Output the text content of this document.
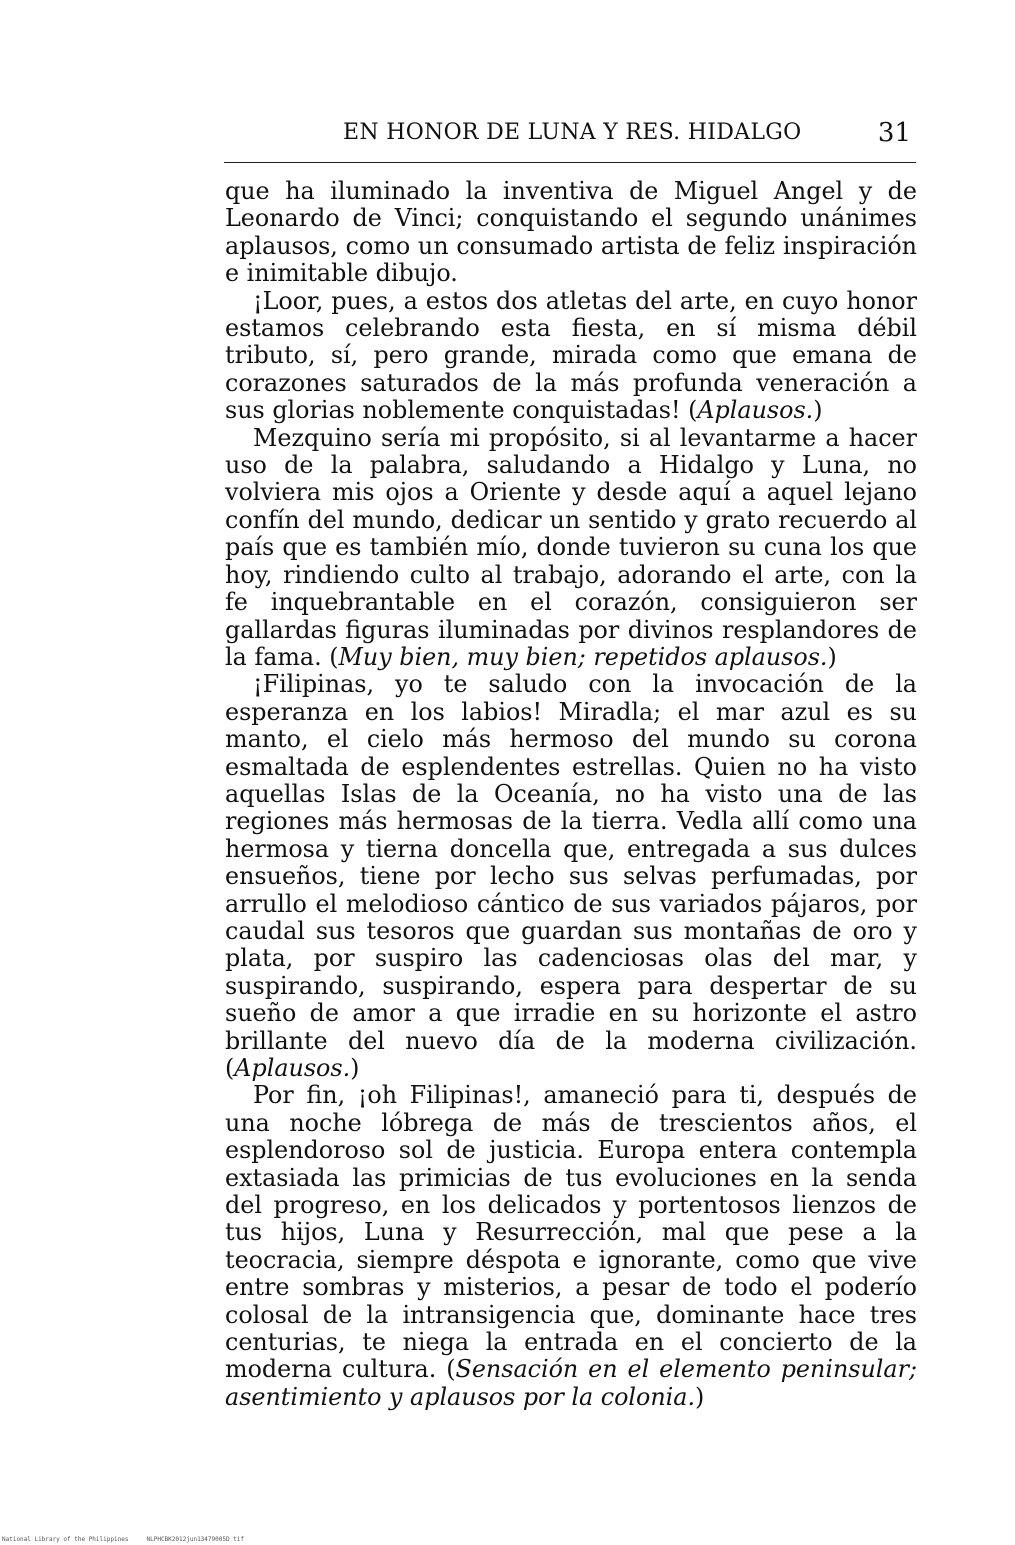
EN HONOR DE LUNA Y RES. HIDALGO	31

que ha iluminado la inventiva de Miguel Angel y de Leonardo de Vinci; conquistando el segundo unánimes aplausos, como un consumado artista de feliz inspiración e inimitable dibujo.

¡Loor, pues, a estos dos atletas del arte, en cuyo honor estamos celebrando esta fiesta, en sí misma débil tributo, sí, pero grande, mirada como que emana de corazones saturados de la más profunda veneración a sus glorias noblemente conquistadas! (Aplausos.)

Mezquino sería mi propósito, si al levantarme a hacer uso de la palabra, saludando a Hidalgo y Luna, no volviera mis ojos a Oriente y desde aquí a aquel lejano confín del mundo, dedicar un sentido y grato recuerdo al país que es también mío, donde tuvieron su cuna los que hoy, rindiendo culto al trabajo, adorando el arte, con la fe inquebrantable en el corazón, consiguieron ser gallardas figuras iluminadas por divinos resplandores de la fama. (Muy bien, muy bien; repetidos aplausos.)

¡Filipinas, yo te saludo con la invocación de la esperanza en los labios! Miradla; el mar azul es su manto, el cielo más hermoso del mundo su corona esmaltada de esplendentes estrellas. Quien no ha visto aquellas Islas de la Oceanía, no ha visto una de las regiones más hermosas de la tierra. Vedla allí como una hermosa y tierna doncella que, entregada a sus dulces ensueños, tiene por lecho sus selvas perfumadas, por arrullo el melodioso cántico de sus variados pájaros, por caudal sus tesoros que guardan sus montañas de oro y plata, por suspiro las cadenciosas olas del mar, y suspirando, suspirando, espera para despertar de su sueño de amor a que irradie en su horizonte el astro brillante del nuevo día de la moderna civilización. (Aplausos.)

Por fin, ¡oh Filipinas!, amaneció para ti, después de una noche lóbrega de más de trescientos años, el esplendoroso sol de justicia. Europa entera contempla extasiada las primicias de tus evoluciones en la senda del progreso, en los delicados y portentosos lienzos de tus hijos, Luna y Resurrección, mal que pese a la teocracia, siempre déspota e ignorante, como que vive entre sombras y misterios, a pesar de todo el poderío colosal de la intransigencia que, dominante hace tres centurias, te niega la entrada en el concierto de la moderna cultura. (Sensación en el elemento peninsular; asentimiento y aplausos por la colonia.)

National Library of the Philippines     NLPHCBK2012jun13479005D tif
